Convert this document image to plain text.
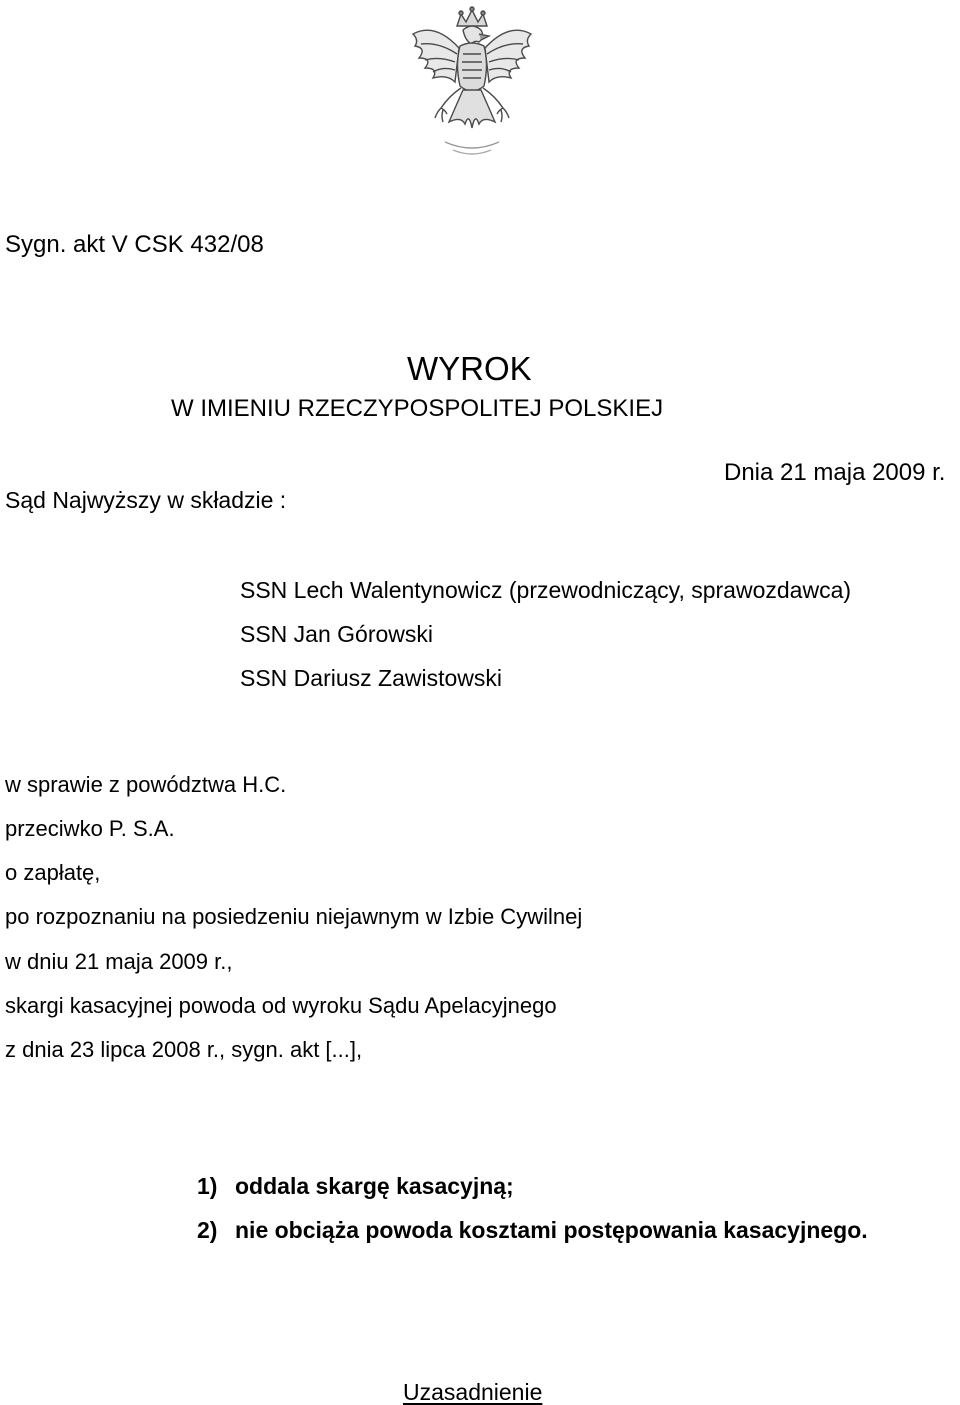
Sygn. akt V CSK 432/08
WYROK
W IMIENIU RZECZYPOSPOLITEJ POLSKIEJ
Dnia 21 maja 2009 r.
Sąd Najwyższy w składzie :
SSN Lech Walentynowicz (przewodniczący, sprawozdawca)
SSN Jan Górowski
SSN Dariusz Zawistowski
w sprawie z powództwa H.C.
przeciwko P. S.A.
o zapłatę,
po rozpoznaniu na posiedzeniu niejawnym w Izbie Cywilnej
w dniu 21 maja 2009 r.,
skargi kasacyjnej powoda od wyroku Sądu Apelacyjnego
z dnia 23 lipca 2008 r., sygn. akt [...],
1) oddala skargę kasacyjną;
2) nie obciąża powoda kosztami postępowania kasacyjnego.
Uzasadnienie
